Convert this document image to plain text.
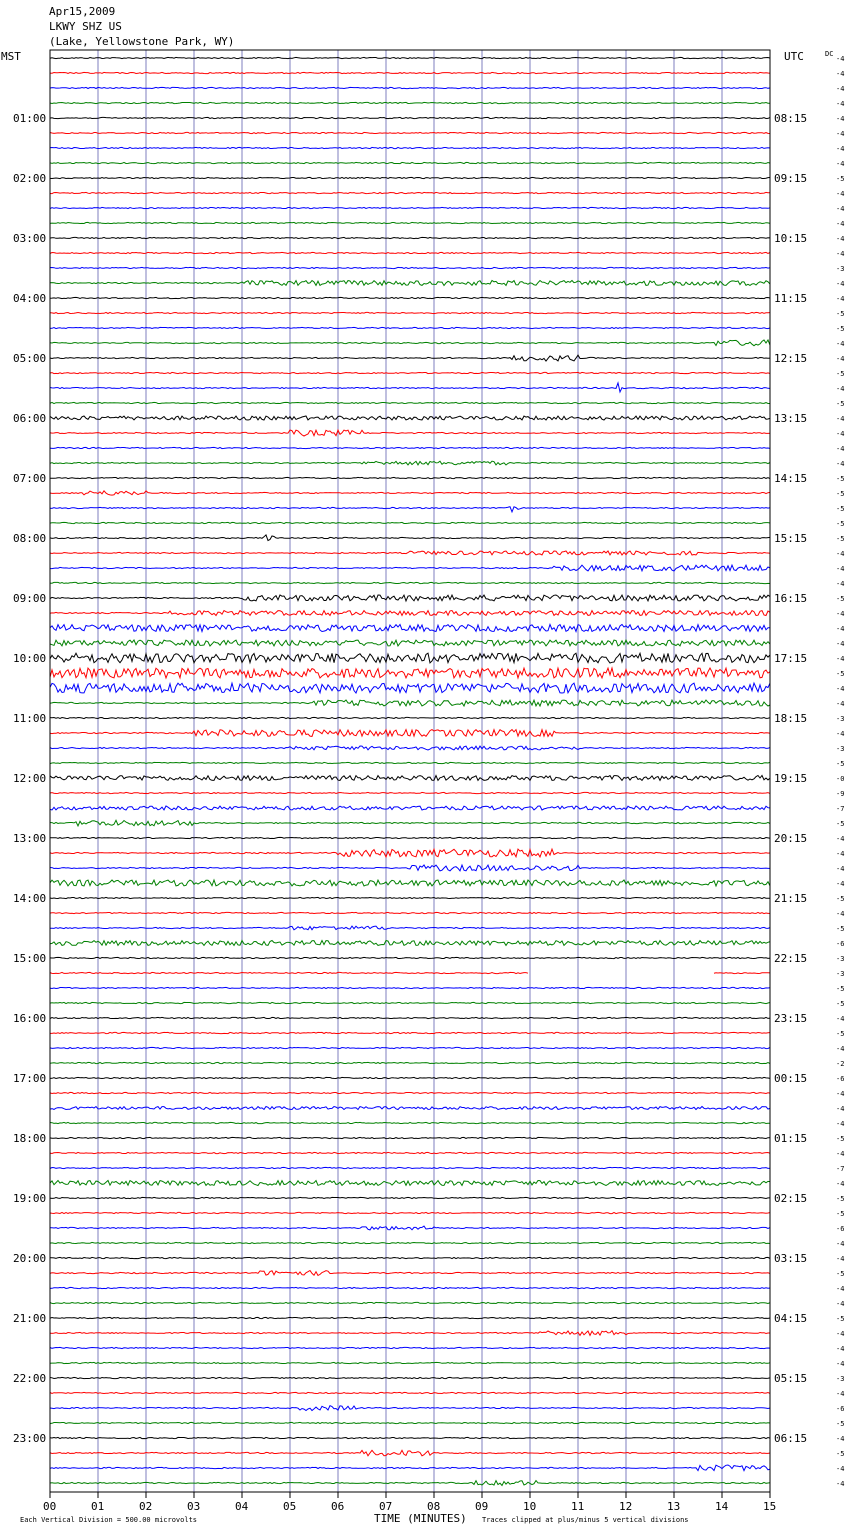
Apr15,2009
LKWY SHZ US
(Lake, Yellowstone Park, WY)
MST	UTC	DC
01:00
02:00
03:00
04:00
05:00
06:00
07:00
08:00
09:00
10:00
11:00
12:00
13:00
14:00
15:00
16:00
17:00
18:00
19:00
20:00
21:00
22:00
23:00
08:15
09:15
10:15
11:15
12:15
13:15
14:15
15:15
16:15
17:15
18:15
19:15
20:15
21:15
22:15
23:15
00:15
01:15
02:15
03:15
04:15
05:15
06:15
-4
-4
-4
-4
-4
-4
-4
-4
-5
-4
-4
-4
-4
-4
-3
-4
-4
-5
-5
-4
-4
-5
-4
-5
-4
-4
-4
-4
-5
-5
-5
-5
-5
-4
-4
-4
-5
-4
-4
-4
-4
-5
-4
-4
-3
-4
-3
-5
-0
-9
-7
-5
-4
-4
-4
-4
-5
-4
-5
-6
-3
-3
-5
-5
-4
-5
-4
-2
-6
-4
-4
-4
-5
-4
-7
-4
-5
-5
-6
-4
-4
-5
-4
-4
-5
-4
-4
-4
-3
-4
-6
-5
-4
-5
-4
-4
00	01	02	03	04	05	06	07	08	09	10	11	12	13	14	15
TIME (MINUTES)
Each Vertical Division = 500.00 microvolts	Traces clipped at plus/minus 5 vertical divisions
